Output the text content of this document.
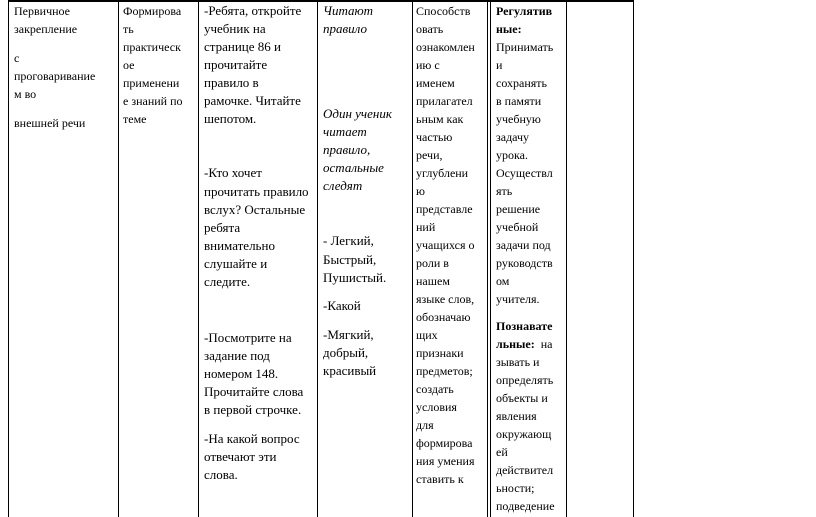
Первичное

закрепление

с

проговаривание

м во

внешней речи

Формирова

ть

практическ

ое

применени

е знаний по

теме

-Ребята, откройте

учебник на

странице 86 и

прочитайте

правило в

рамочке. Читайте

шепотом.

-Кто хочет

прочитать правило

вслух? Остальные

ребята

внимательно

слушайте и

следите.

-Посмотрите на

задание под

номером 148.

Прочитайте слова

в первой строчке.

-На какой вопрос

отвечают эти

слова.

Читают

правило

Один ученик

читает

правило,

остальные

следят

- Легкий,

Быстрый,

Пушистый.

-Какой

-Мягкий,

добрый,

красивый

Способств

овать

ознакомлен

ию с

именем

прилагател

ьным как

частью

речи,

углублени

ю

представле

ний

учащихся о

роли в

нашем

языке слов,

обозначаю

щих

признаки

предметов;

создать

условия

для

формирова

ния умения

ставить к

Регулятив

ные:

Принимать

и

сохранять

в памяти

учебную

задачу

урока.

Осуществл

ять

решение

учебной

задачи под

руководств

ом

учителя.

Познавате

льные: на

зывать и

определять

объекты и

явления

окружающ

ей

действител

ьности;

подведение
